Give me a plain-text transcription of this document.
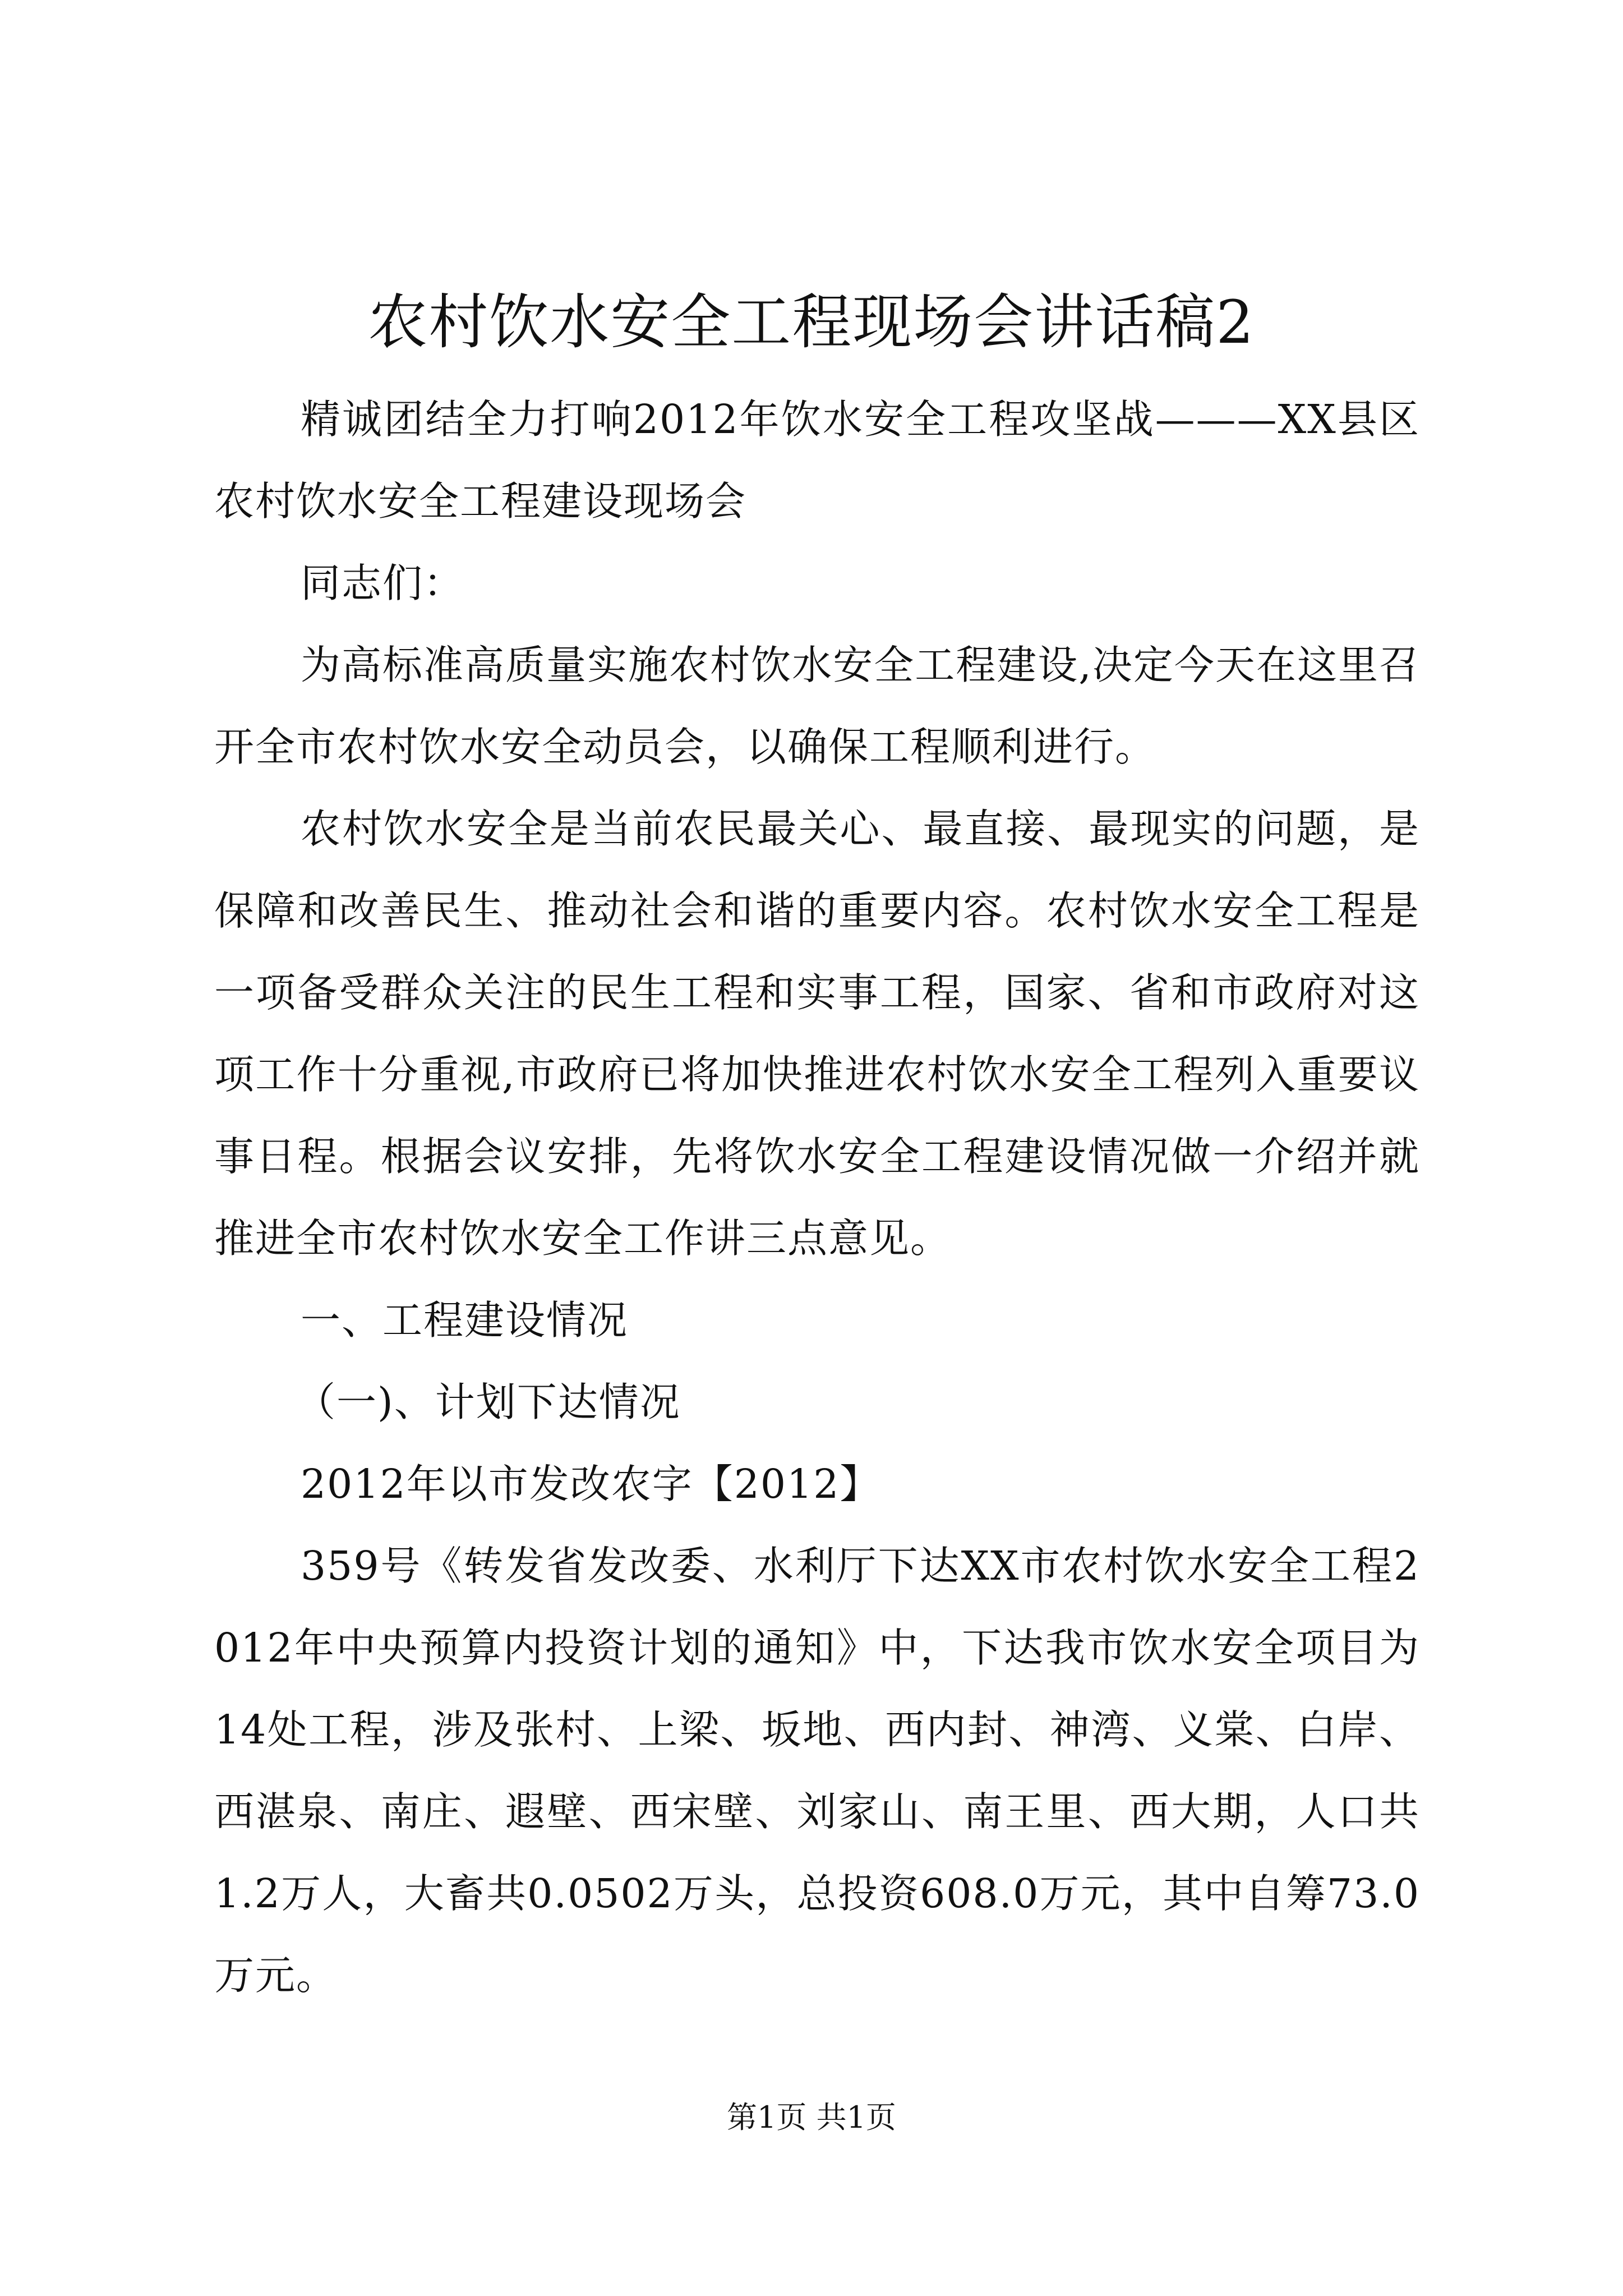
农村饮水安全工程现场会讲话稿2

精诚团结全力打响2012年饮水安全工程攻坚战———XX县区农村饮水安全工程建设现场会

同志们：

为高标准高质量实施农村饮水安全工程建设,决定今天在这里召开全市农村饮水安全动员会，以确保工程顺利进行。

农村饮水安全是当前农民最关心、最直接、最现实的问题，是保障和改善民生、推动社会和谐的重要内容。农村饮水安全工程是一项备受群众关注的民生工程和实事工程，国家、省和市政府对这项工作十分重视,市政府已将加快推进农村饮水安全工程列入重要议事日程。根据会议安排，先将饮水安全工程建设情况做一介绍并就推进全市农村饮水安全工作讲三点意见。

一、工程建设情况

（一)、计划下达情况

2012年以市发改农字【2012】

359号《转发省发改委、水利厅下达XX市农村饮水安全工程2012年中央预算内投资计划的通知》中，下达我市饮水安全项目为14处工程，涉及张村、上梁、坂地、西内封、神湾、义棠、白岸、西湛泉、南庄、遐壁、西宋壁、刘家山、南王里、西大期，人口共1.2万人，大畜共0.0502万头，总投资608.0万元，其中自筹73.0万元。

第1页 共1页
